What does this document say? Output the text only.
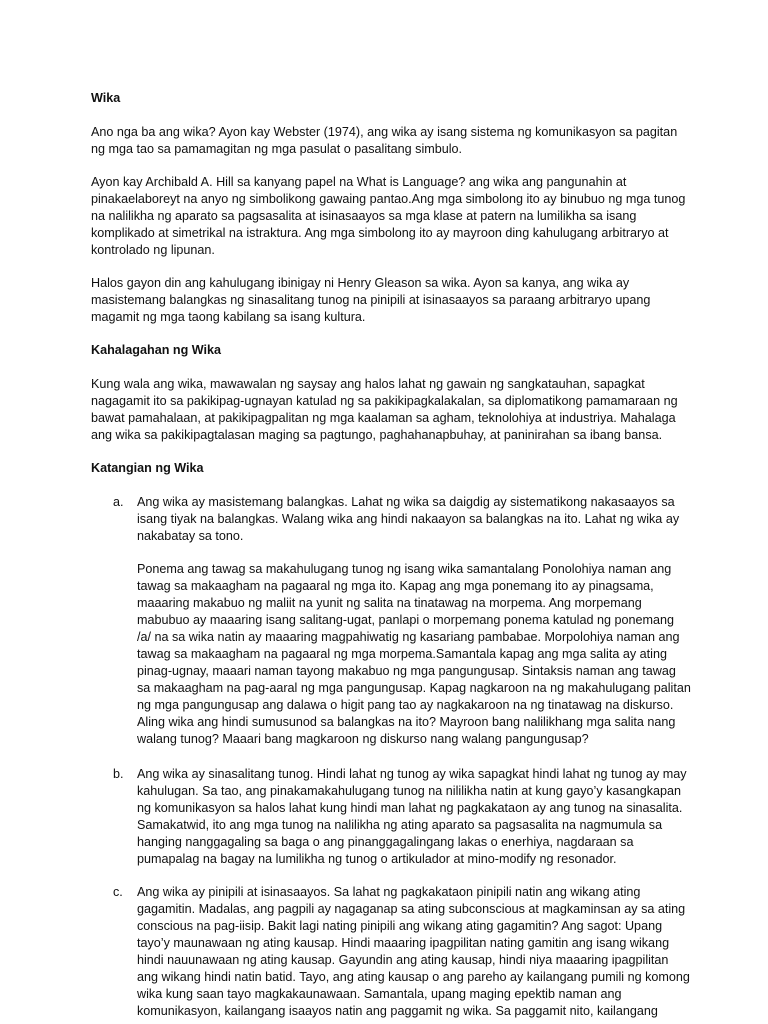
Wika

Ano nga ba ang wika? Ayon kay Webster (1974), ang wika ay isang sistema ng komunikasyon sa pagitan ng mga tao sa pamamagitan ng mga pasulat o pasalitang simbulo.

Ayon kay Archibald A. Hill sa kanyang papel na What is Language? ang wika ang pangunahin at pinakaelaboreyt na anyo ng simbolikong gawaing pantao.Ang mga simbolong ito ay binubuo ng mga tunog na nalilikha ng aparato sa pagsasalita at isinasaayos sa mga klase at patern na lumilikha sa isang komplikado at simetrikal na istraktura. Ang mga simbolong ito ay mayroon ding kahulugang arbitraryo at kontrolado ng lipunan.

Halos gayon din ang kahulugang ibinigay ni Henry Gleason sa wika. Ayon sa kanya, ang wika ay masistemang balangkas ng sinasalitang tunog na pinipili at isinasaayos sa paraang arbitraryo upang magamit ng mga taong kabilang sa isang kultura.

Kahalagahan ng Wika

Kung wala ang wika, mawawalan ng saysay ang halos lahat ng gawain ng sangkatauhan, sapagkat nagagamit ito sa pakikipag-ugnayan katulad ng sa pakikipagkalakalan, sa diplomatikong pamamaraan ng bawat pamahalaan, at pakikipagpalitan ng mga kaalaman sa agham, teknolohiya at industriya. Mahalaga ang wika sa pakikipagtalasan maging sa pagtungo, paghahanapbuhay, at paninirahan sa ibang bansa.

Katangian ng Wika
a. Ang wika ay masistemang balangkas. Lahat ng wika sa daigdig ay sistematikong nakasaayos sa isang tiyak na balangkas. Walang wika ang hindi nakaayon sa balangkas na ito. Lahat ng wika ay nakabatay sa tono.

Ponema ang tawag sa makahulugang tunog ng isang wika samantalang Ponolohiya naman ang tawag sa makaagham na pagaaral ng mga ito. Kapag ang mga ponemang ito ay pinagsama, maaaring makabuo ng maliit na yunit ng salita na tinatawag na morpema. Ang morpemang mabubuo ay maaaring isang salitang-ugat, panlapi o morpemang ponema katulad ng ponemang /a/ na sa wika natin ay maaaring magpahiwatig ng kasariang pambabae. Morpolohiya naman ang tawag sa makaagham na pagaaral ng mga morpema.Samantala kapag ang mga salita ay ating pinag-ugnay, maaari naman tayong makabuo ng mga pangungusap. Sintaksis naman ang tawag sa makaagham na pag-aaral ng mga pangungusap. Kapag nagkaroon na ng makahulugang palitan ng mga pangungusap ang dalawa o higit pang tao ay nagkakaroon na ng tinatawag na diskurso. Aling wika ang hindi sumusunod sa balangkas na ito? Mayroon bang nalilikhang mga salita nang walang tunog? Maaari bang magkaroon ng diskurso nang walang pangungusap?

b. Ang wika ay sinasalitang tunog. Hindi lahat ng tunog ay wika sapagkat hindi lahat ng tunog ay may kahulugan. Sa tao, ang pinakamakahulugang tunog na nililikha natin at kung gayo’y kasangkapan ng komunikasyon sa halos lahat kung hindi man lahat ng pagkakataon ay ang tunog na sinasalita. Samakatwid, ito ang mga tunog na nalilikha ng ating aparato sa pagsasalita na nagmumula sa hanging nanggagaling sa baga o ang pinanggagalingang lakas o enerhiya, nagdaraan sa pumapalag na bagay na lumilikha ng tunog o artikulador at mino-modify ng resonador.
c. Ang wika ay pinipili at isinasaayos. Sa lahat ng pagkakataon pinipili natin ang wikang ating gagamitin. Madalas, ang pagpili ay nagaganap sa ating subconscious at magkaminsan ay sa ating conscious na pag-iisip. Bakit lagi nating pinipili ang wikang ating gagamitin? Ang sagot: Upang tayo’y maunawaan ng ating kausap. Hindi maaaring ipagpilitan nating gamitin ang isang wikang hindi nauunawaan ng ating kausap. Gayundin ang ating kausap, hindi niya maaaring ipagpilitan ang wikang hindi natin batid. Tayo, ang ating kausap o ang pareho ay kailangang pumili ng komong wika kung saan tayo magkakaunawaan. Samantala, upang maging epektib naman ang komunikasyon, kailangang isaayos natin ang paggamit ng wika. Sa paggamit nito, kailangang
